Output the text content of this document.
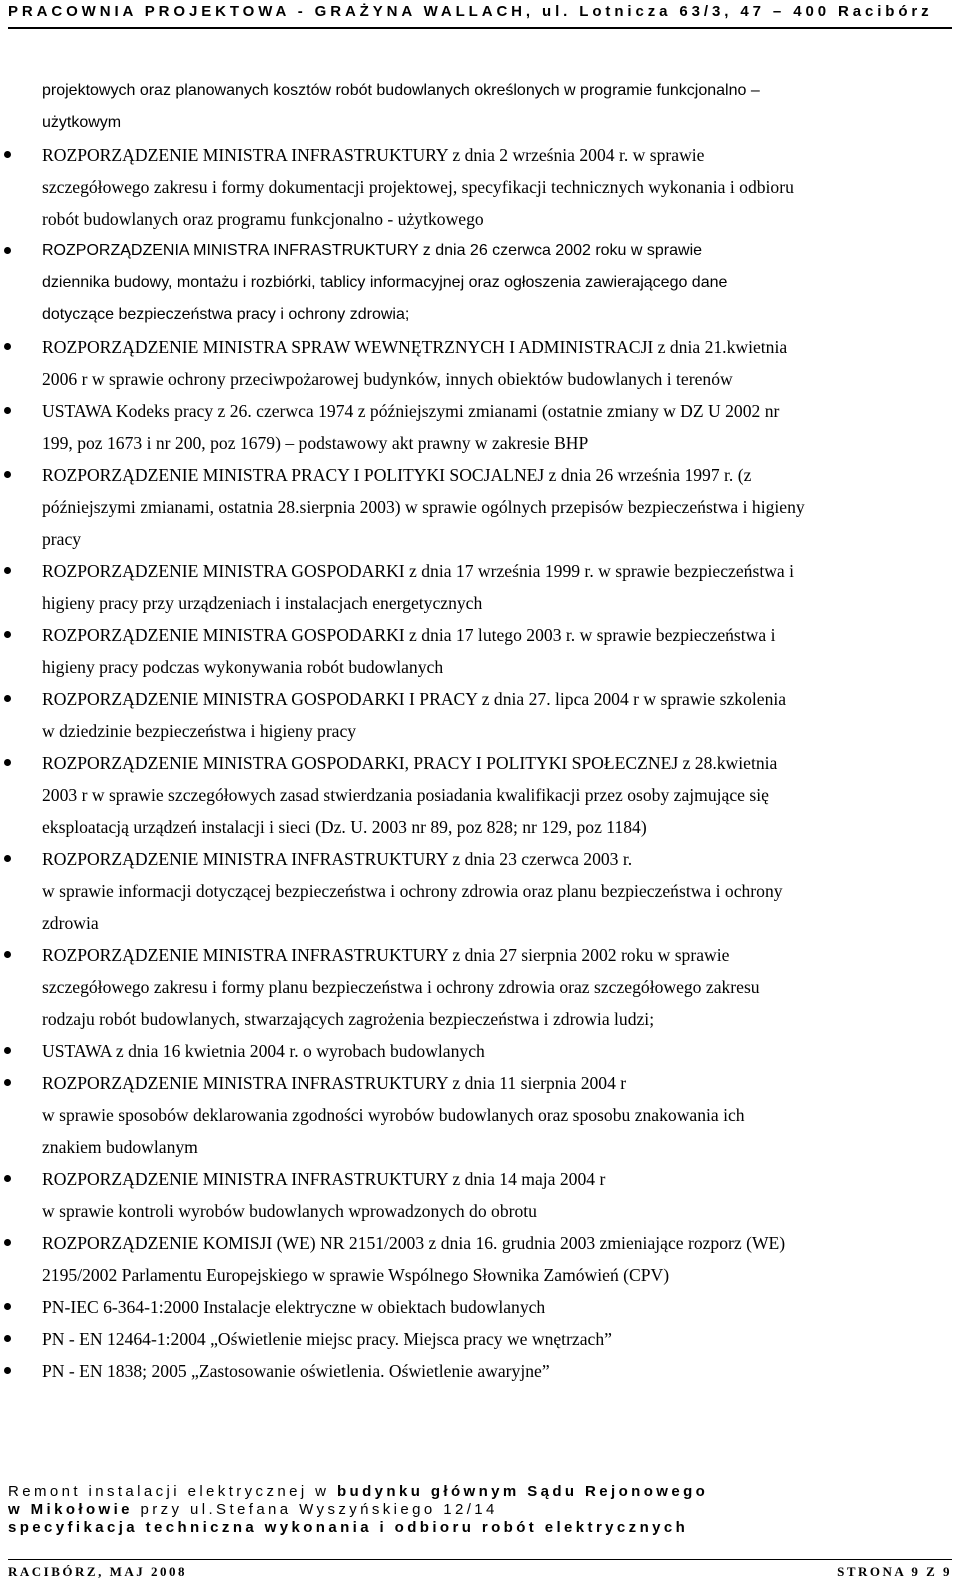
PRACOWNIA PROJEKTOWA - GRAŻYNA WALLACH, ul. Lotnicza 63/3, 47 – 400 Racibórz
projektowych oraz planowanych kosztów robót budowlanych określonych w programie funkcjonalno –
użytkowym
ROZPORZĄDZENIE MINISTRA INFRASTRUKTURY z dnia 2 września 2004 r. w sprawie
szczegółowego zakresu i formy dokumentacji projektowej, specyfikacji technicznych wykonania i odbioru
robót budowlanych oraz programu funkcjonalno - użytkowego
ROZPORZĄDZENIA MINISTRA INFRASTRUKTURY z dnia 26 czerwca 2002 roku w sprawie
dziennika budowy, montażu i rozbiórki, tablicy informacyjnej oraz ogłoszenia zawierającego dane
dotyczące bezpieczeństwa pracy i ochrony zdrowia;
ROZPORZĄDZENIE MINISTRA SPRAW WEWNĘTRZNYCH I ADMINISTRACJI z dnia 21.kwietnia
2006 r w sprawie ochrony przeciwpożarowej budynków, innych obiektów budowlanych i terenów
USTAWA Kodeks pracy z 26. czerwca 1974 z późniejszymi zmianami (ostatnie zmiany w DZ U 2002 nr
199, poz 1673 i nr 200, poz 1679) – podstawowy akt prawny w zakresie BHP
ROZPORZĄDZENIE MINISTRA PRACY I POLITYKI SOCJALNEJ z dnia 26 września 1997 r. (z
późniejszymi zmianami, ostatnia 28.sierpnia 2003) w sprawie ogólnych przepisów bezpieczeństwa i higieny
pracy
ROZPORZĄDZENIE MINISTRA GOSPODARKI z dnia 17 września 1999 r. w sprawie bezpieczeństwa i
higieny pracy przy urządzeniach i instalacjach energetycznych
ROZPORZĄDZENIE MINISTRA GOSPODARKI z dnia 17 lutego 2003 r. w sprawie bezpieczeństwa i
higieny pracy podczas wykonywania robót budowlanych
ROZPORZĄDZENIE MINISTRA GOSPODARKI I PRACY z dnia 27. lipca 2004 r w sprawie szkolenia
w dziedzinie bezpieczeństwa i higieny pracy
ROZPORZĄDZENIE MINISTRA GOSPODARKI, PRACY I POLITYKI SPOŁECZNEJ z 28.kwietnia
2003 r w sprawie szczegółowych zasad stwierdzania posiadania kwalifikacji przez osoby zajmujące się
eksploatacją urządzeń instalacji i sieci (Dz. U. 2003 nr 89, poz 828; nr 129, poz 1184)
ROZPORZĄDZENIE MINISTRA INFRASTRUKTURY z dnia 23 czerwca 2003 r.
w sprawie informacji dotyczącej bezpieczeństwa i ochrony zdrowia oraz planu bezpieczeństwa i ochrony
zdrowia
ROZPORZĄDZENIE MINISTRA INFRASTRUKTURY z dnia 27 sierpnia 2002 roku w sprawie
szczegółowego zakresu i formy planu bezpieczeństwa i ochrony zdrowia oraz szczegółowego zakresu
rodzaju robót budowlanych, stwarzających zagrożenia bezpieczeństwa i zdrowia ludzi;
USTAWA z dnia 16 kwietnia 2004 r. o wyrobach budowlanych
ROZPORZĄDZENIE MINISTRA INFRASTRUKTURY z dnia 11 sierpnia 2004 r
w sprawie sposobów deklarowania zgodności wyrobów budowlanych oraz sposobu znakowania ich
znakiem budowlanym
ROZPORZĄDZENIE MINISTRA INFRASTRUKTURY z dnia 14 maja 2004 r
w sprawie kontroli wyrobów budowlanych wprowadzonych do obrotu
ROZPORZĄDZENIE KOMISJI (WE) NR 2151/2003 z dnia 16. grudnia 2003 zmieniające rozporz (WE)
2195/2002 Parlamentu Europejskiego w sprawie Wspólnego Słownika Zamówień (CPV)
PN-IEC 6-364-1:2000 Instalacje elektryczne w obiektach budowlanych
PN - EN 12464-1:2004 „Oświetlenie miejsc pracy. Miejsca pracy we wnętrzach”
PN - EN 1838; 2005 „Zastosowanie oświetlenia. Oświetlenie awaryjne”
Remont instalacji elektrycznej w budynku głównym Sądu Rejonowego
w Mikołowie przy ul.Stefana Wyszyńskiego 12/14
specyfikacja techniczna wykonania i odbioru robót elektrycznych
RACIBÓRZ, MAJ 2008	STRONA 9 Z 9
